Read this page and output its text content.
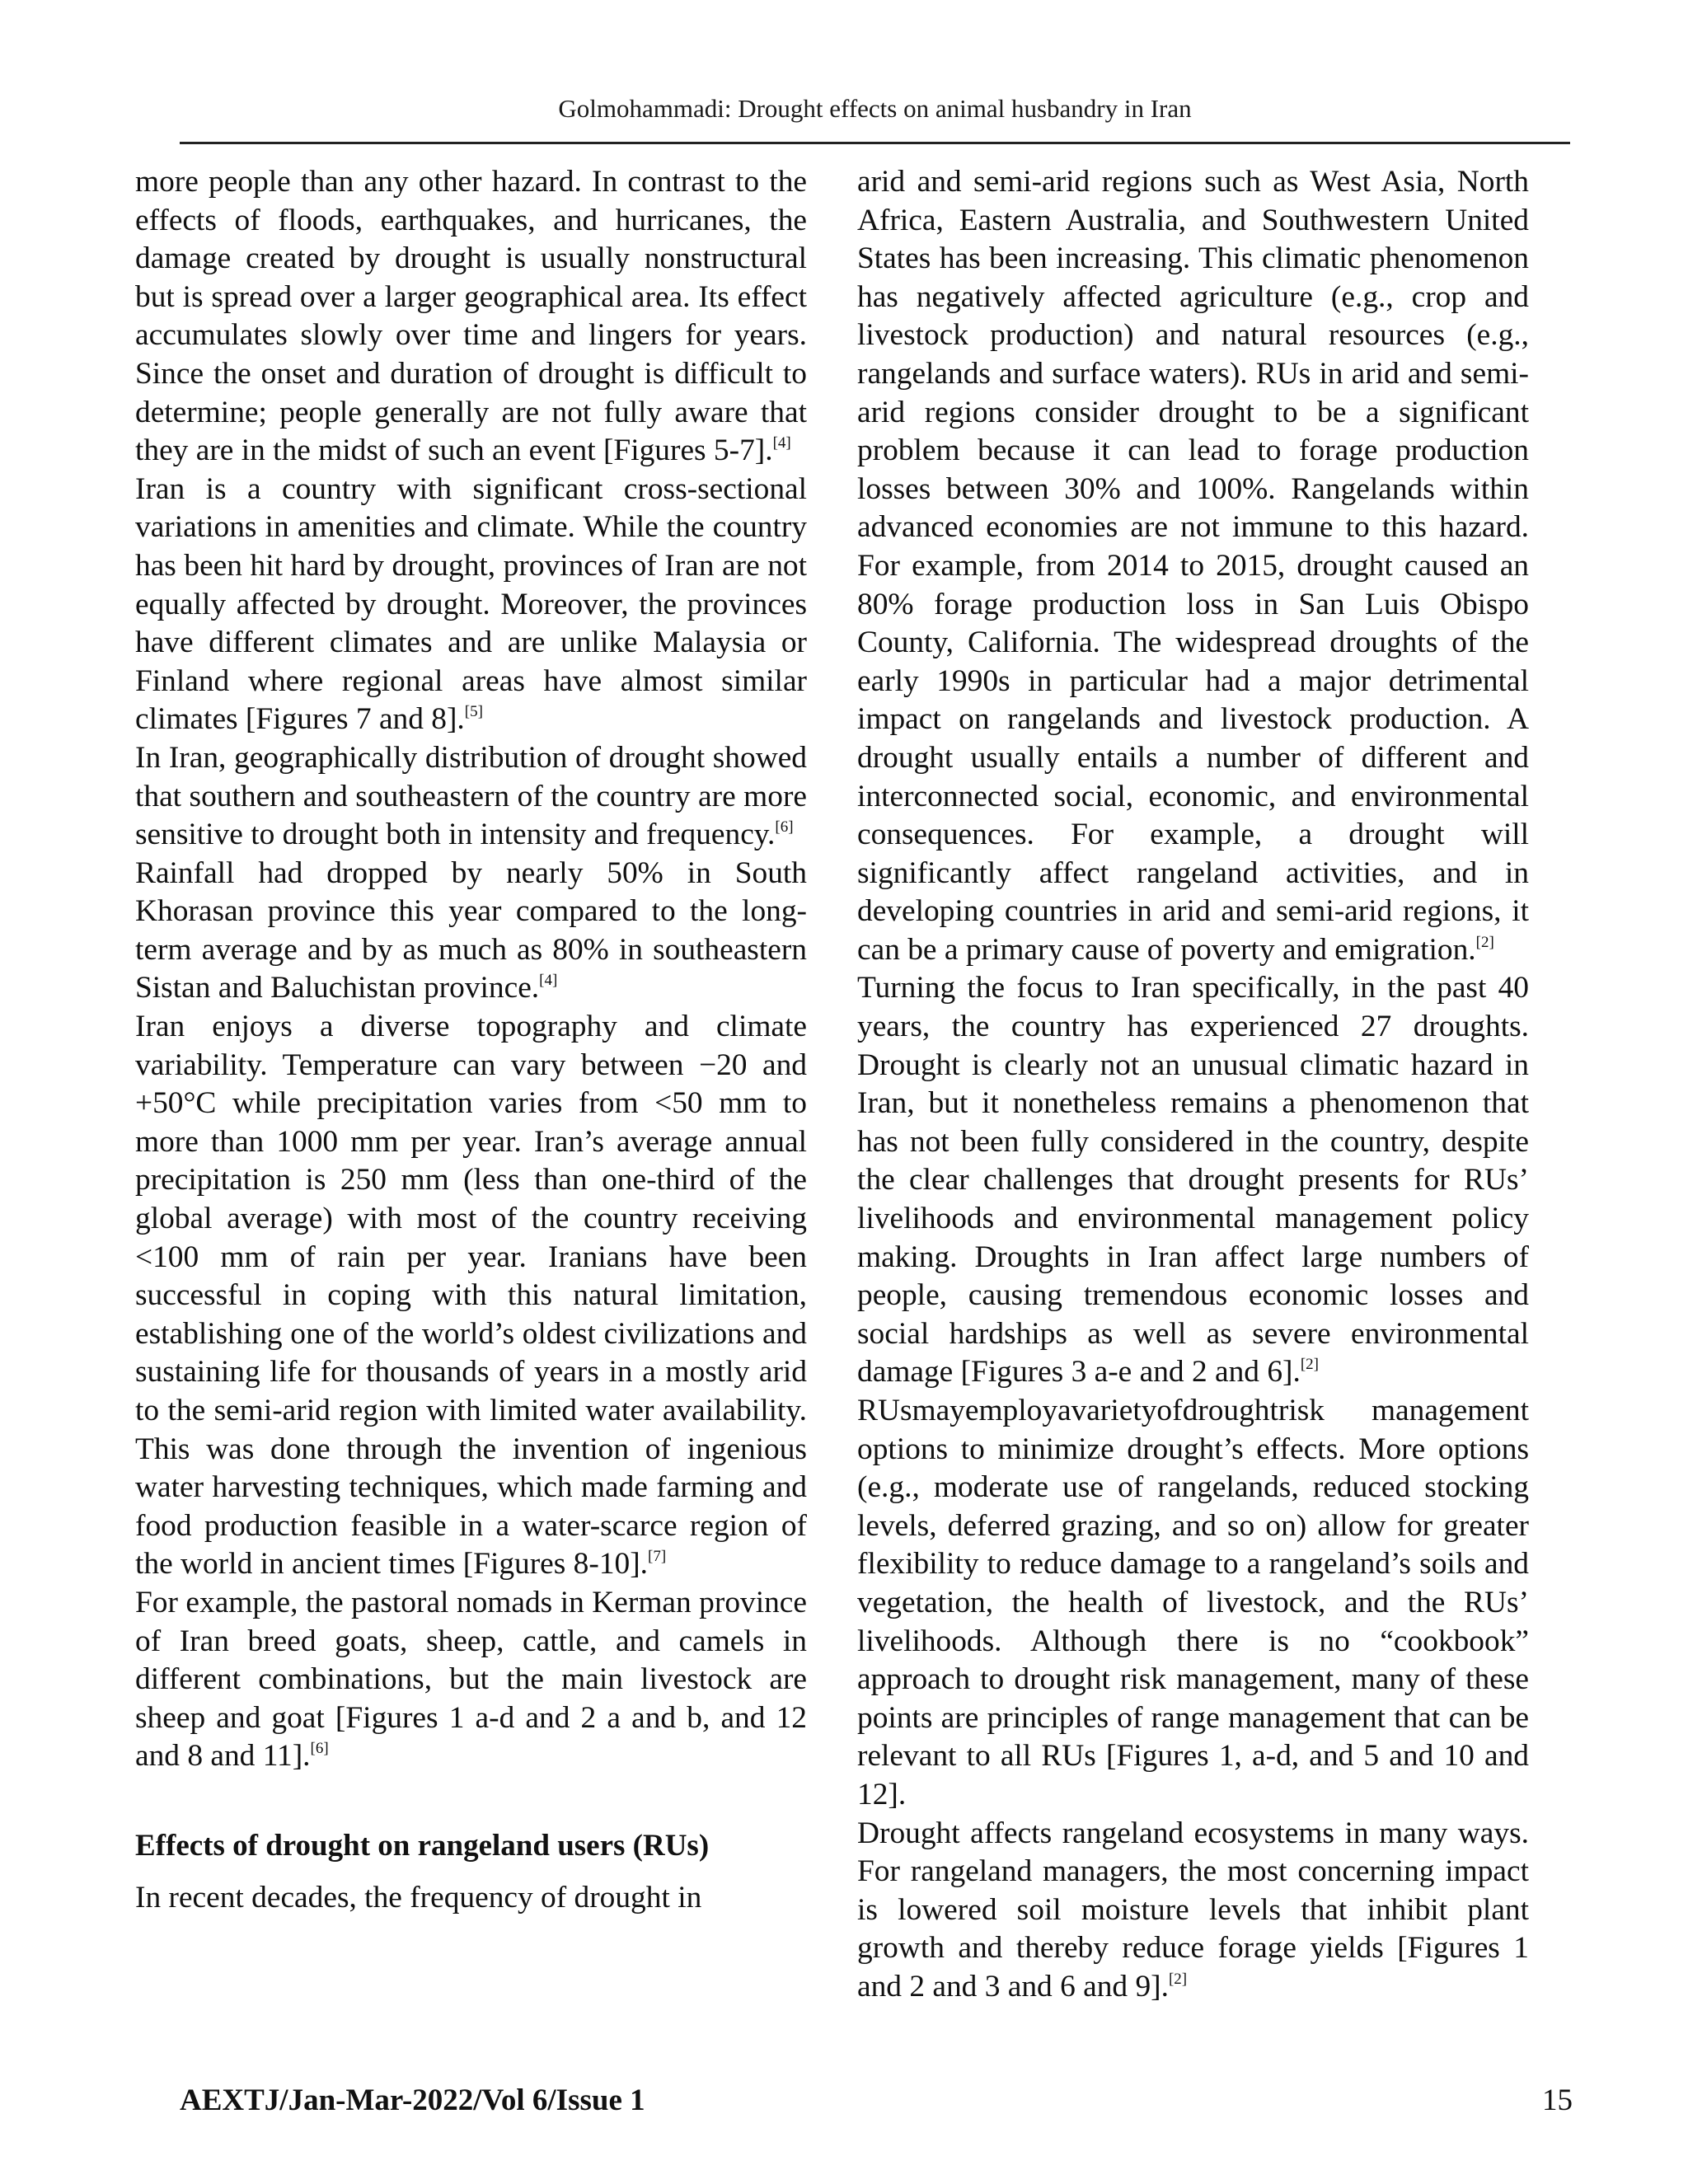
Golmohammadi: Drought effects on animal husbandry in Iran

more people than any other hazard. In contrast to the effects of floods, earthquakes, and hurricanes, the damage created by drought is usually nonstructural but is spread over a larger geographical area. Its effect accumulates slowly over time and lingers for years. Since the onset and duration of drought is difficult to determine; people generally are not fully aware that they are in the midst of such an event [Figures 5-7].[4]

Iran is a country with significant cross-sectional variations in amenities and climate. While the country has been hit hard by drought, provinces of Iran are not equally affected by drought. Moreover, the provinces have different climates and are unlike Malaysia or Finland where regional areas have almost similar climates [Figures 7 and 8].[5]

In Iran, geographically distribution of drought showed that southern and southeastern of the country are more sensitive to drought both in intensity and frequency.[6]

Rainfall had dropped by nearly 50% in South Khorasan province this year compared to the long-term average and by as much as 80% in southeastern Sistan and Baluchistan province.[4]

Iran enjoys a diverse topography and climate variability. Temperature can vary between −20 and +50°C while precipitation varies from <50 mm to more than 1000 mm per year. Iran’s average annual precipitation is 250 mm (less than one-third of the global average) with most of the country receiving <100 mm of rain per year. Iranians have been successful in coping with this natural limitation, establishing one of the world’s oldest civilizations and sustaining life for thousands of years in a mostly arid to the semi-arid region with limited water availability. This was done through the invention of ingenious water harvesting techniques, which made farming and food production feasible in a water-scarce region of the world in ancient times [Figures 8-10].[7]

For example, the pastoral nomads in Kerman province of Iran breed goats, sheep, cattle, and camels in different combinations, but the main livestock are sheep and goat [Figures 1 a-d and 2 a and b, and 12 and 8 and 11].[6]

Effects of drought on rangeland users (RUs)

In recent decades, the frequency of drought in

arid and semi-arid regions such as West Asia, North Africa, Eastern Australia, and Southwestern United States has been increasing. This climatic phenomenon has negatively affected agriculture (e.g., crop and livestock production) and natural resources (e.g., rangelands and surface waters). RUs in arid and semi-arid regions consider drought to be a significant problem because it can lead to forage production losses between 30% and 100%. Rangelands within advanced economies are not immune to this hazard. For example, from 2014 to 2015, drought caused an 80% forage production loss in San Luis Obispo County, California. The widespread droughts of the early 1990s in particular had a major detrimental impact on rangelands and livestock production. A drought usually entails a number of different and interconnected social, economic, and environmental consequences. For example, a drought will significantly affect rangeland activities, and in developing countries in arid and semi-arid regions, it can be a primary cause of poverty and emigration.[2]

Turning the focus to Iran specifically, in the past 40 years, the country has experienced 27 droughts. Drought is clearly not an unusual climatic hazard in Iran, but it nonetheless remains a phenomenon that has not been fully considered in the country, despite the clear challenges that drought presents for RUs’ livelihoods and environmental management policy making. Droughts in Iran affect large numbers of people, causing tremendous economic losses and social hardships as well as severe environmental damage [Figures 3 a-e and 2 and 6].[2]

RUsmayemployavarietyofdroughtrisk management options to minimize drought’s effects. More options (e.g., moderate use of rangelands, reduced stocking levels, deferred grazing, and so on) allow for greater flexibility to reduce damage to a rangeland’s soils and vegetation, the health of livestock, and the RUs’ livelihoods. Although there is no “cookbook” approach to drought risk management, many of these points are principles of range management that can be relevant to all RUs [Figures 1, a-d, and 5 and 10 and 12].

Drought affects rangeland ecosystems in many ways. For rangeland managers, the most concerning impact is lowered soil moisture levels that inhibit plant growth and thereby reduce forage yields [Figures 1 and 2 and 3 and 6 and 9].[2]

AEXTJ/Jan-Mar-2022/Vol 6/Issue 1	15
